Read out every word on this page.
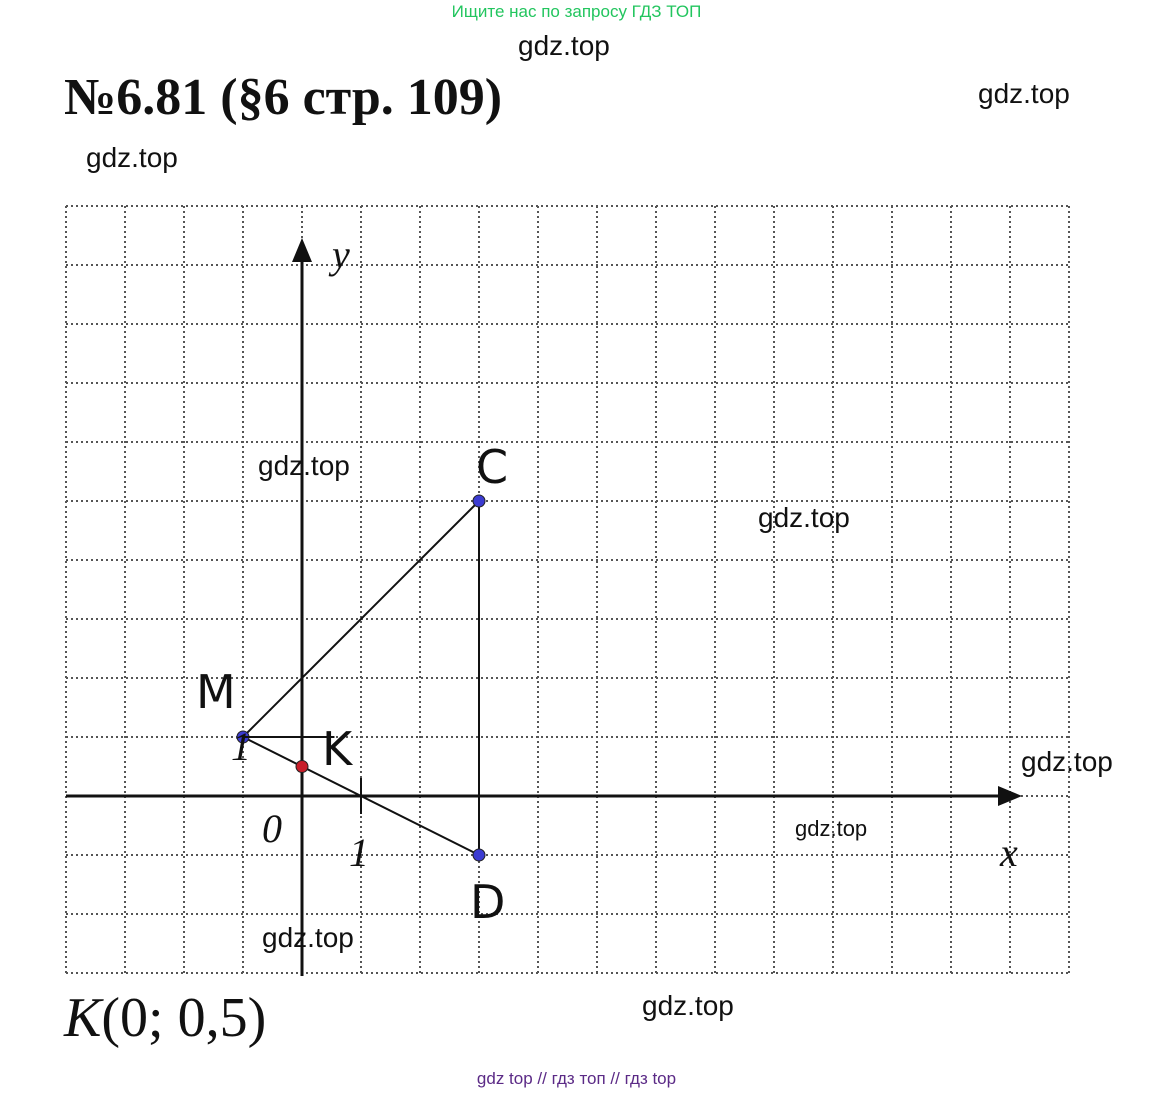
Ищите нас по запросу ГДЗ ТОП
gdz.top
№6.81 (§6 стр. 109)	gdz.top
gdz.top
y
x
0
1
1
C
M
D
K
gdz.top
gdz.top
gdz.top
gdz.top
gdz.top
gdz.top
K(0; 0,5)
gdz top // гдз топ // гдз top
